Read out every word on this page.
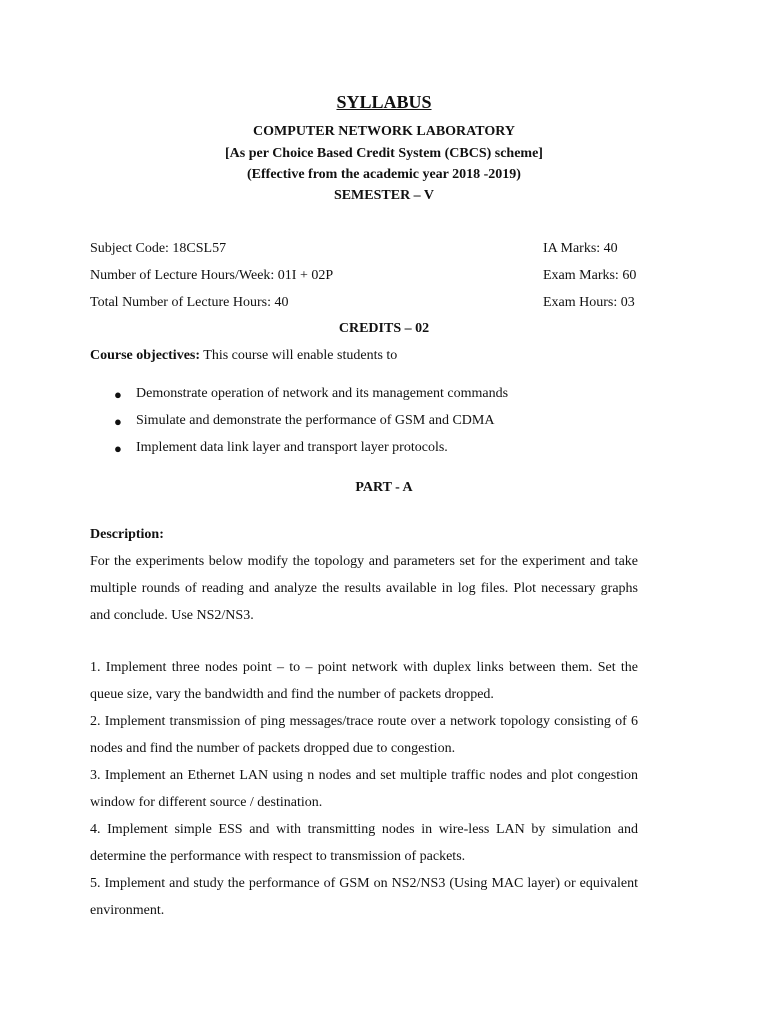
SYLLABUS
COMPUTER NETWORK LABORATORY
[As per Choice Based Credit System (CBCS) scheme]
(Effective from the academic year 2018 -2019)
SEMESTER – V
Subject Code: 18CSL57	IA Marks: 40
Number of Lecture Hours/Week: 01I + 02P	Exam Marks: 60
Total Number of Lecture Hours: 40	Exam Hours: 03
CREDITS – 02
Course objectives: This course will enable students to
● Demonstrate operation of network and its management commands
● Simulate and demonstrate the performance of GSM and CDMA
● Implement data link layer and transport layer protocols.
PART - A
Description:
For the experiments below modify the topology and parameters set for the experiment and take multiple rounds of reading and analyze the results available in log files. Plot necessary graphs and conclude. Use NS2/NS3.
1. Implement three nodes point – to – point network with duplex links between them. Set the queue size, vary the bandwidth and find the number of packets dropped.
2. Implement transmission of ping messages/trace route over a network topology consisting of 6 nodes and find the number of packets dropped due to congestion.
3. Implement an Ethernet LAN using n nodes and set multiple traffic nodes and plot congestion window for different source / destination.
4. Implement simple ESS and with transmitting nodes in wire-less LAN by simulation and determine the performance with respect to transmission of packets.
5. Implement and study the performance of GSM on NS2/NS3 (Using MAC layer) or equivalent environment.
